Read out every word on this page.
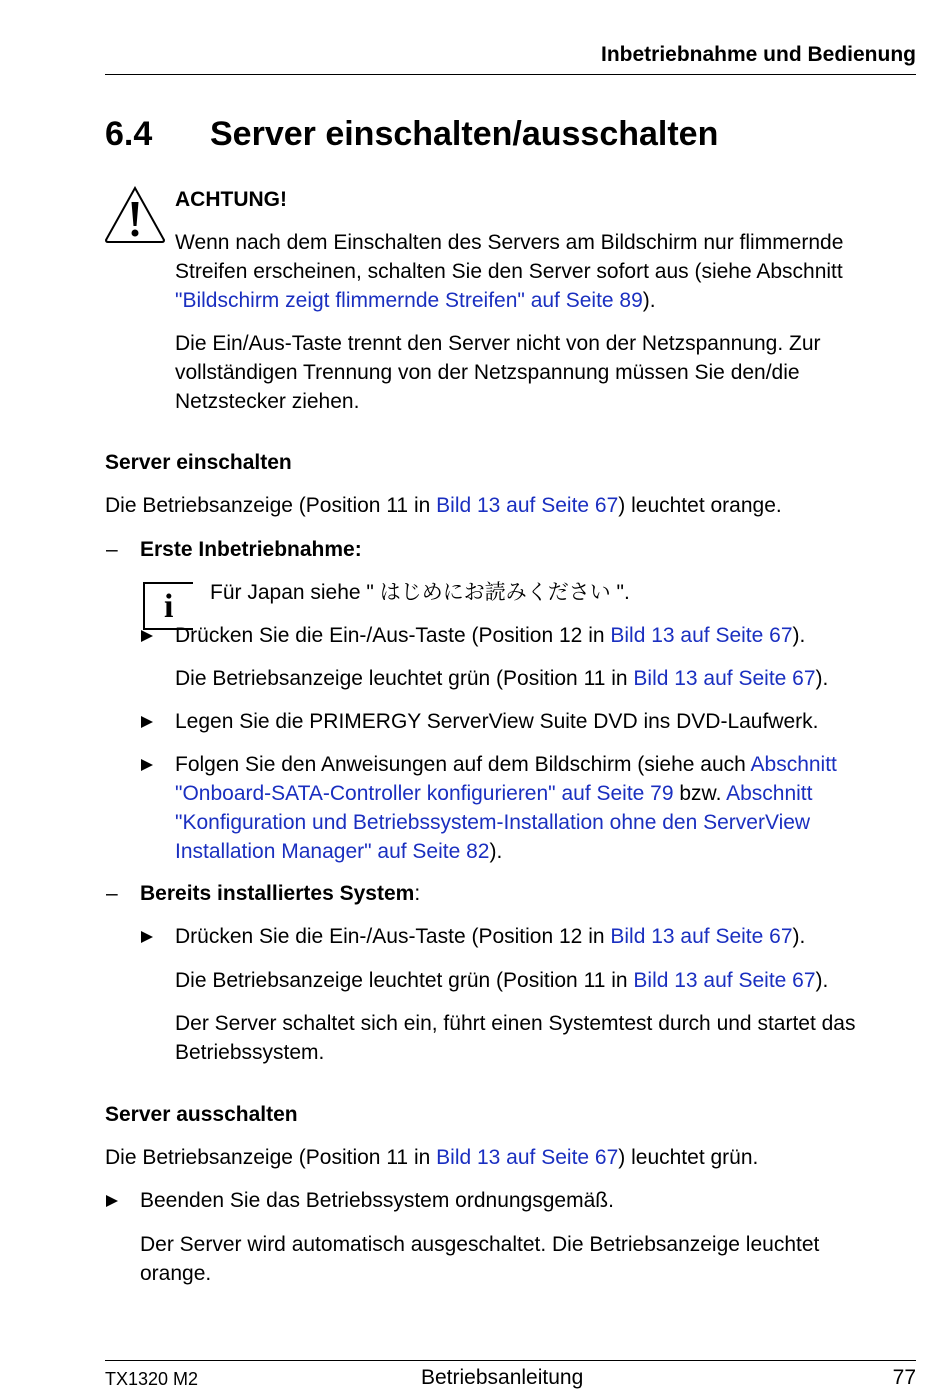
Inbetriebnahme und Bedienung
6.4 Server einschalten/ausschalten
ACHTUNG!
Wenn nach dem Einschalten des Servers am Bildschirm nur flimmernde
Streifen erscheinen, schalten Sie den Server sofort aus (siehe Abschnitt
"Bildschirm zeigt flimmernde Streifen" auf Seite 89).
Die Ein/Aus-Taste trennt den Server nicht von der Netzspannung. Zur
vollständigen Trennung von der Netzspannung müssen Sie den/die
Netzstecker ziehen.
Server einschalten
Die Betriebsanzeige (Position 11 in Bild 13 auf Seite 67) leuchtet orange.
– Erste Inbetriebnahme:
i Für Japan siehe " はじめにお読みください ".
Drücken Sie die Ein-/Aus-Taste (Position 12 in Bild 13 auf Seite 67).
Die Betriebsanzeige leuchtet grün (Position 11 in Bild 13 auf Seite 67).
Legen Sie die PRIMERGY ServerView Suite DVD ins DVD-Laufwerk.
Folgen Sie den Anweisungen auf dem Bildschirm (siehe auch Abschnitt
"Onboard-SATA-Controller konfigurieren" auf Seite 79 bzw. Abschnitt
"Konfiguration und Betriebssystem-Installation ohne den ServerView
Installation Manager" auf Seite 82).
– Bereits installiertes System:
Drücken Sie die Ein-/Aus-Taste (Position 12 in Bild 13 auf Seite 67).
Die Betriebsanzeige leuchtet grün (Position 11 in Bild 13 auf Seite 67).
Der Server schaltet sich ein, führt einen Systemtest durch und startet das
Betriebssystem.
Server ausschalten
Die Betriebsanzeige (Position 11 in Bild 13 auf Seite 67) leuchtet grün.
Beenden Sie das Betriebssystem ordnungsgemäß.
Der Server wird automatisch ausgeschaltet. Die Betriebsanzeige leuchtet
orange.
TX1320 M2	Betriebsanleitung	77
